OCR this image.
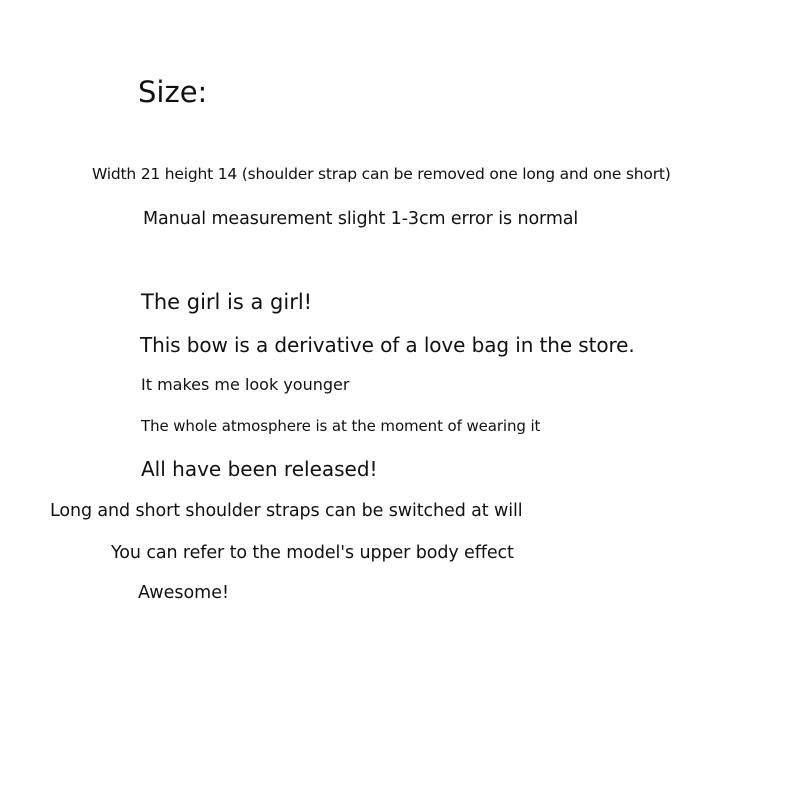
Size:
Width 21 height 14 (shoulder strap can be removed one long and one short)
Manual measurement slight 1-3cm error is normal
The girl is a girl!
This bow is a derivative of a love bag in the store.
It makes me look younger
The whole atmosphere is at the moment of wearing it
All have been released!
Long and short shoulder straps can be switched at will
You can refer to the model's upper body effect
Awesome!
